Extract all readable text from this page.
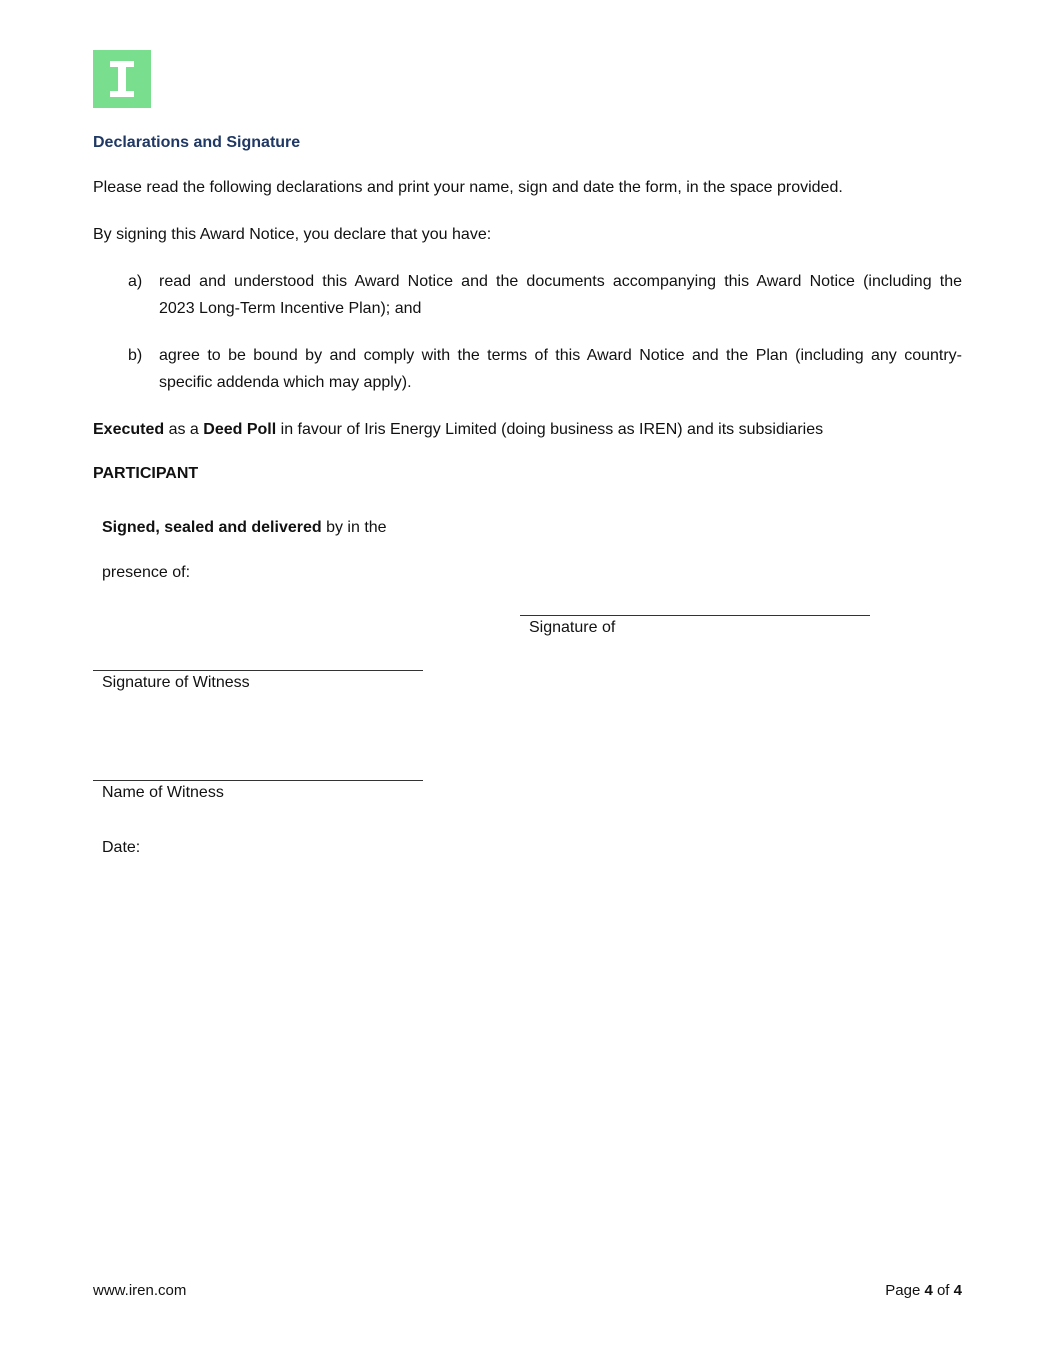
Declarations and Signature
Please read the following declarations and print your name, sign and date the form, in the space provided.
By signing this Award Notice, you declare that you have:
a) read and understood this Award Notice and the documents accompanying this Award Notice (including the
2023 Long-Term Incentive Plan); and
b) agree to be bound by and comply with the terms of this Award Notice and the Plan (including any country-
specific addenda which may apply).
Executed as a Deed Poll in favour of Iris Energy Limited (doing business as IREN) and its subsidiaries
PARTICIPANT
Signed, sealed and delivered by in the
presence of:
Signature of
Signature of Witness
Name of Witness
Date:
www.iren.com	Page 4 of 4
